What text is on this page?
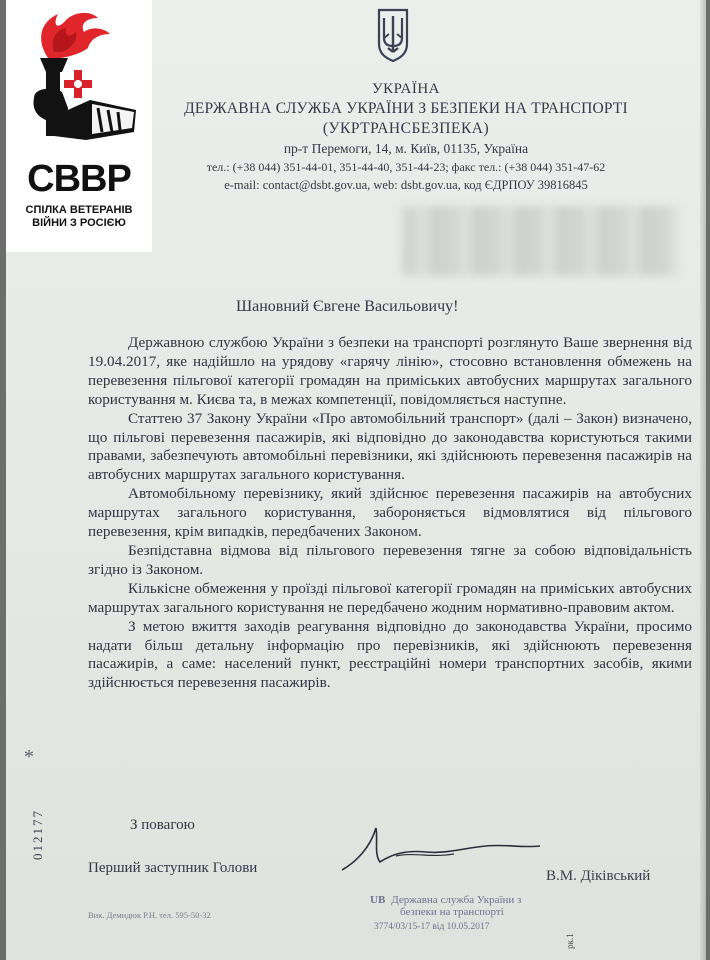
СВВР
СПІЛКА ВЕТЕРАНІВ
ВІЙНИ З РОСІЄЮ
УКРАЇНА
ДЕРЖАВНА СЛУЖБА УКРАЇНИ З БЕЗПЕКИ НА ТРАНСПОРТІ
(УКРТРАНСБЕЗПЕКА)
пр-т Перемоги, 14, м. Київ, 01135, Україна
тел.: (+38 044) 351-44-01, 351-44-40, 351-44-23; факс тел.: (+38 044) 351-47-62
e-mail: contact@dsbt.gov.ua, web: dsbt.gov.ua, код ЄДРПОУ 39816845
Шановний Євгене Васильовичу!
Державною службою України з безпеки на транспорті розглянуто Ваше звернення від 19.04.2017, яке надійшло на урядову «гарячу лінію», стосовно встановлення обмежень на перевезення пільгової категорії громадян на приміських автобусних маршрутах загального користування м. Києва та, в межах компетенції, повідомляється наступне.
Статтею 37 Закону України «Про автомобільний транспорт» (далі – Закон) визначено, що пільгові перевезення пасажирів, які відповідно до законодавства користуються такими правами, забезпечують автомобільні перевізники, які здійснюють перевезення пасажирів на автобусних маршрутах загального користування.
Автомобільному перевізнику, який здійснює перевезення пасажирів на автобусних маршрутах загального користування, забороняється відмовлятися від пільгового перевезення, крім випадків, передбачених Законом.
Безпідставна відмова від пільгового перевезення тягне за собою відповідальність згідно із Законом.
Кількісне обмеження у проїзді пільгової категорії громадян на приміських автобусних маршрутах загального користування не передбачено жодним нормативно-правовим актом.
З метою вжиття заходів реагування відповідно до законодавства України, просимо надати більш детальну інформацію про перевізників, які здійснюють перевезення пасажирів, а саме: населений пункт, реєстраційні номери транспортних засобів, якими здійснюється перевезення пасажирів.
З повагою
Перший заступник Голови	В.М. Діківський
*
012177
Вик. Демидюк Р.Н. тел. 595-50-32
UB Державна служба України з
безпеки на транспорті
3774/03/15-17 від 10.05.2017
рк.1
